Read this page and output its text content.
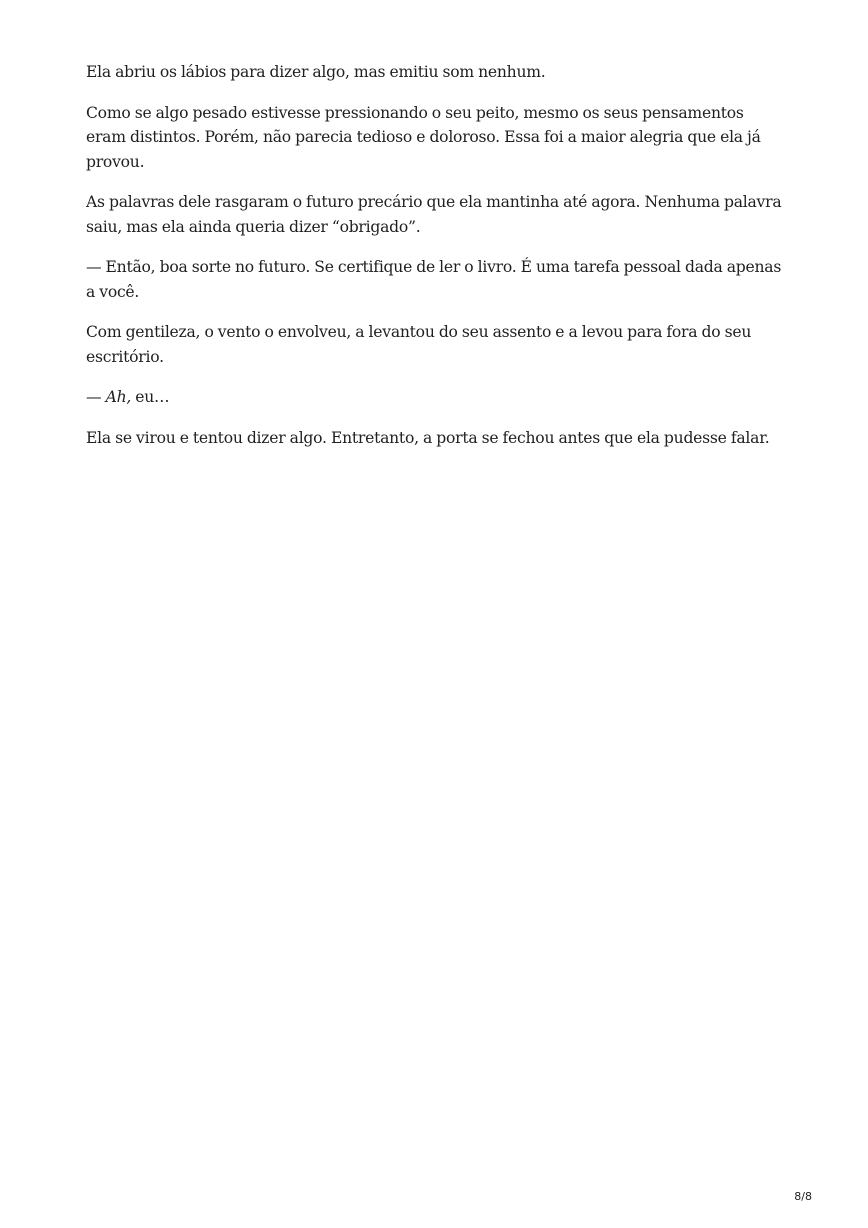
Ela abriu os lábios para dizer algo, mas emitiu som nenhum.

Como se algo pesado estivesse pressionando o seu peito, mesmo os seus pensamentos eram distintos. Porém, não parecia tedioso e doloroso. Essa foi a maior alegria que ela já provou.

As palavras dele rasgaram o futuro precário que ela mantinha até agora. Nenhuma palavra saiu, mas ela ainda queria dizer “obrigado”.

— Então, boa sorte no futuro. Se certifique de ler o livro. É uma tarefa pessoal dada apenas a você.

Com gentileza, o vento o envolveu, a levantou do seu assento e a levou para fora do seu escritório.

— Ah, eu…

Ela se virou e tentou dizer algo. Entretanto, a porta se fechou antes que ela pudesse falar.

8/8
